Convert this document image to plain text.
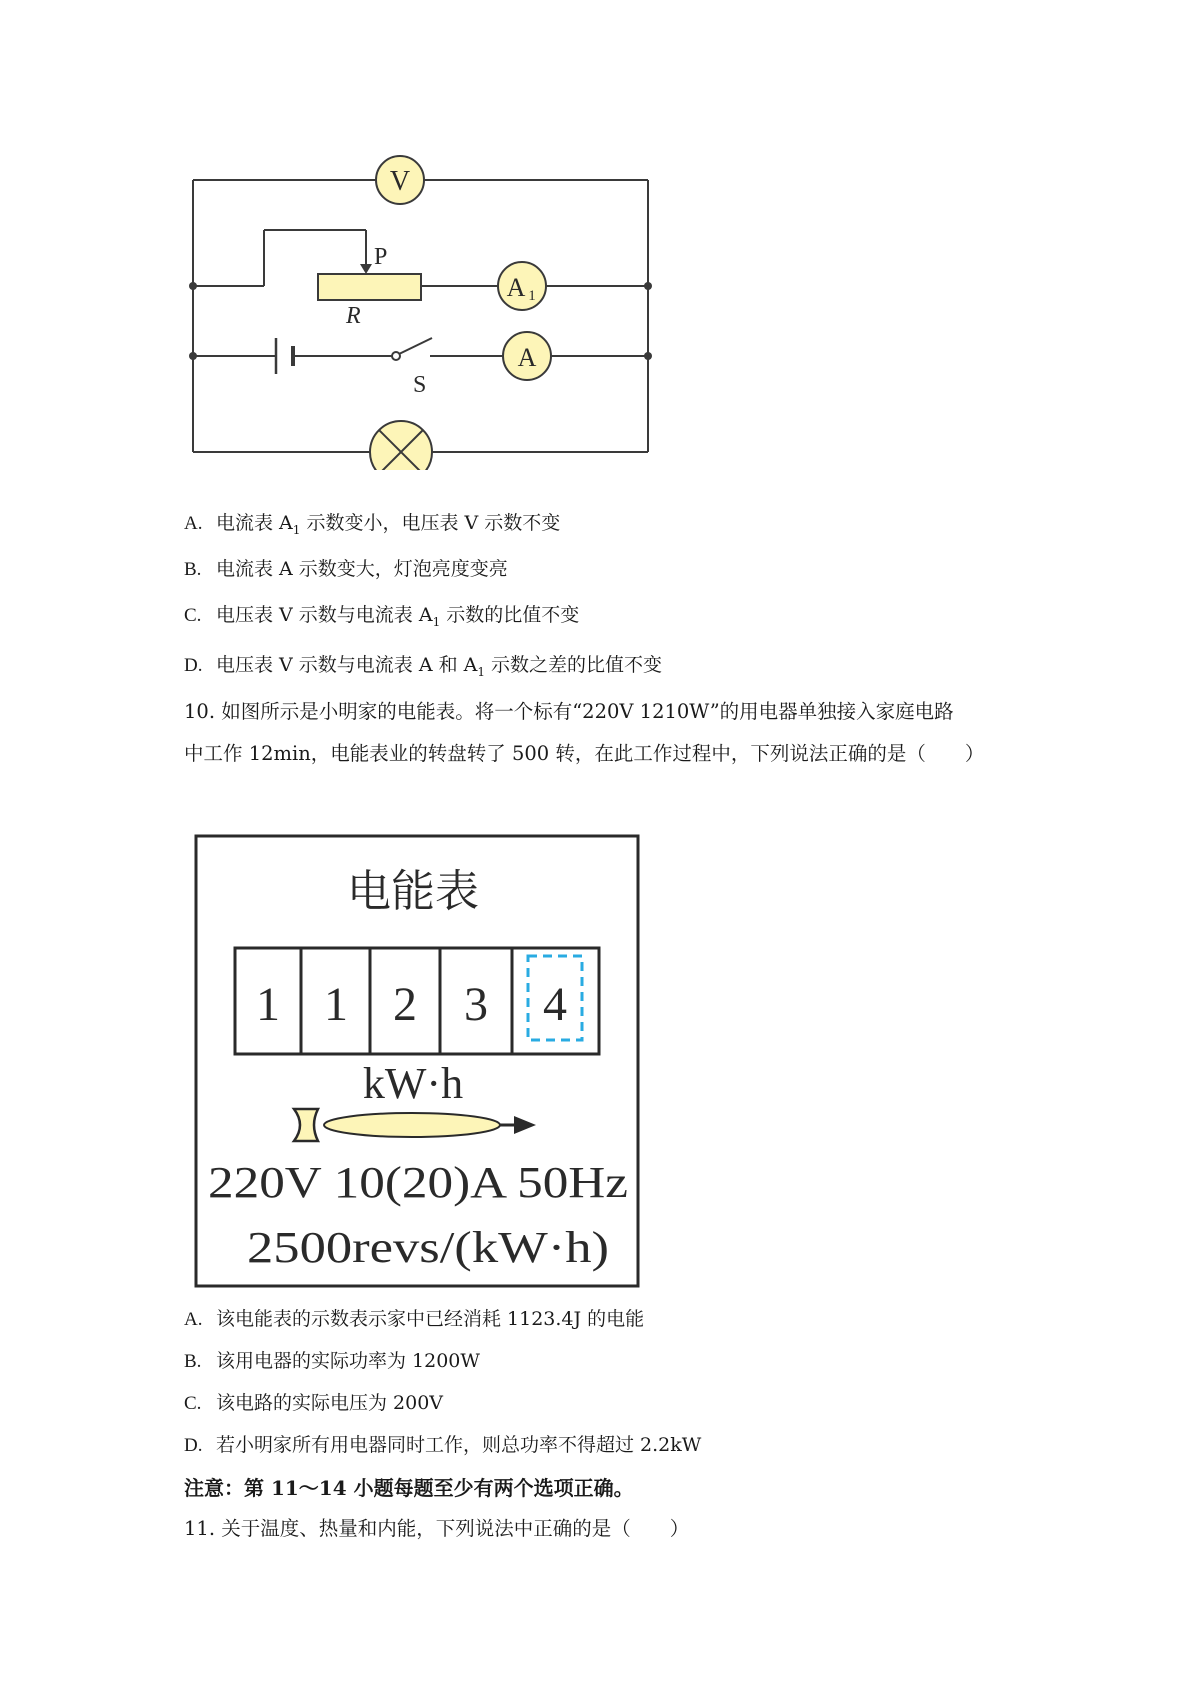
V
A 1
A
P
R
S
A. 电流表 $A_1$ 示数变小，电压表 V 示数不变
B. 电流表 A 示数变大，灯泡亮度变亮
C. 电压表 V 示数与电流表 $A_1$ 示数的比值不变
D. 电压表 V 示数与电流表 A 和 $A_1$ 示数之差的比值不变
10. 如图所示是小明家的电能表。将一个标有“220V 1210W”的用电器单独接入家庭电路
中工作 12min，电能表业的转盘转了 500 转，在此工作过程中，下列说法正确的是（　　）
电能表
1 1 2 3 4
kW·h
220V 10(20)A 50Hz
2500revs/(kW·h)
A. 该电能表的示数表示家中已经消耗 1123.4J 的电能
B. 该用电器的实际功率为 1200W
C. 该电路的实际电压为 200V
D. 若小明家所有用电器同时工作，则总功率不得超过 2.2kW
注意：第 11～14 小题每题至少有两个选项正确。
11. 关于温度、热量和内能，下列说法中正确的是（　　）
